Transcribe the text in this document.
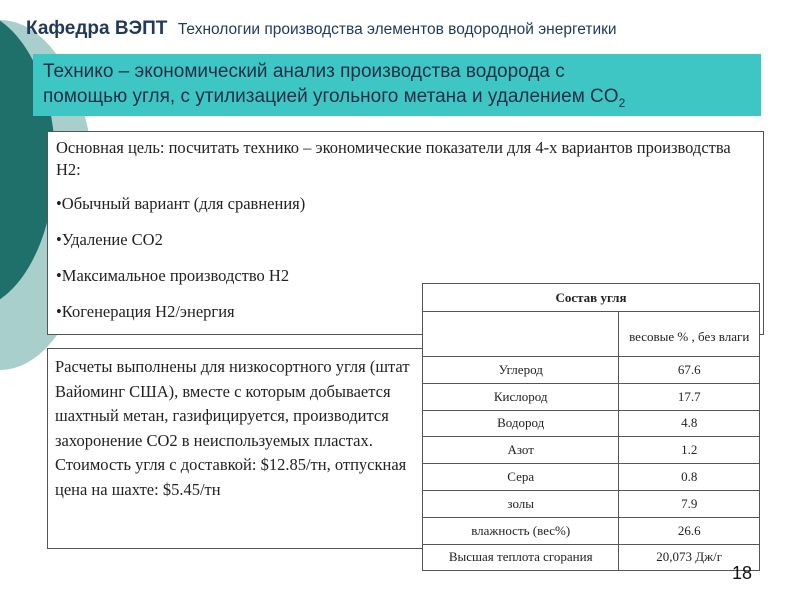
Кафедра ВЭПТ Технологии производства элементов водородной энергетики
Технико – экономический анализ производства водорода с
помощью угля, с утилизацией угольного метана и удалением $CO_2$

Основная цель: посчитать технико – экономические показатели для 4-х вариантов производства Н2:

•Обычный вариант (для сравнения)
•Удаление CO2
•Максимальное производство Н2
•Когенерация Н2/энергия
Расчеты выполнены для низкосортного угля (штат Вайоминг США), вместе с которым добывается шахтный метан, газифицируется, производится захоронение CO2 в неиспользуемых пластах.
Стоимость угля с доставкой: $12.85/тн, отпускная цена на шахте: $5.45/тн
Состав угля	
	весовые % , без влаги
Углерод	67.6
Кислород	17.7
Водород	4.8
Азот	1.2
Сера	0.8
золы	7.9
влажность (вес%)	26.6
Высшая теплота сгорания	20,073 Дж/г
18
